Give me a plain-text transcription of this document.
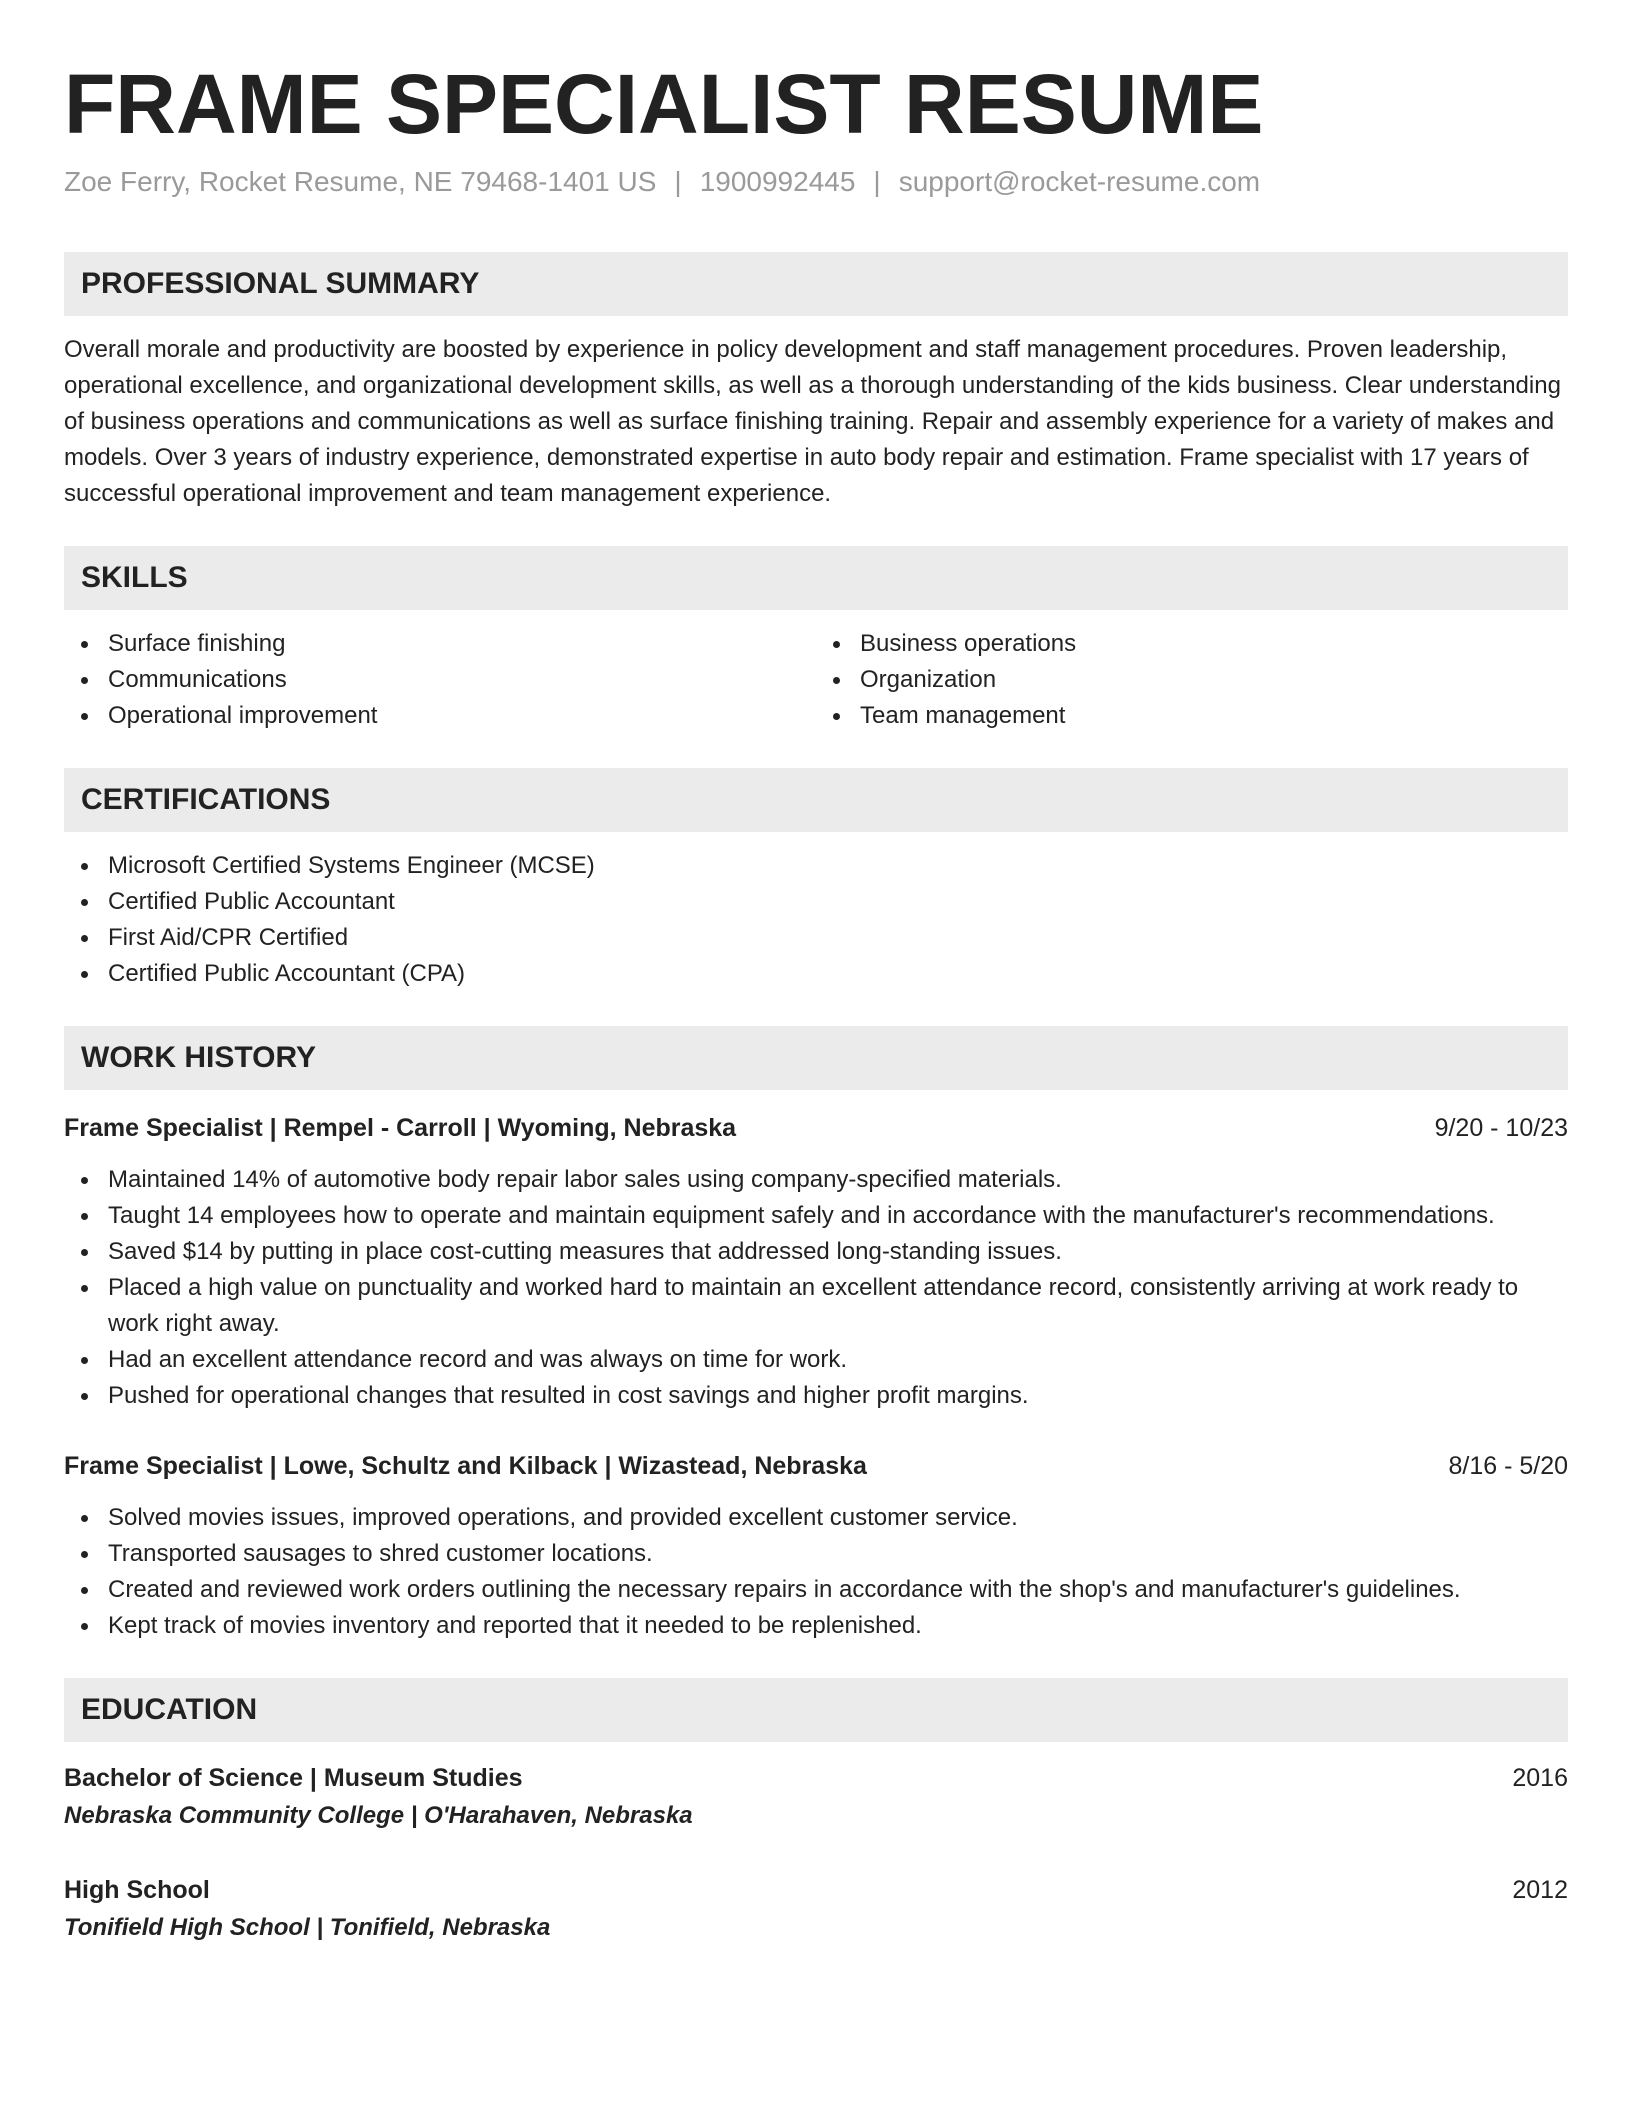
FRAME SPECIALIST RESUME
Zoe Ferry, Rocket Resume, NE 79468-1401 US | 1900992445 | support@rocket-resume.com
PROFESSIONAL SUMMARY
Overall morale and productivity are boosted by experience in policy development and staff management procedures. Proven leadership, operational excellence, and organizational development skills, as well as a thorough understanding of the kids business. Clear understanding of business operations and communications as well as surface finishing training. Repair and assembly experience for a variety of makes and models. Over 3 years of industry experience, demonstrated expertise in auto body repair and estimation. Frame specialist with 17 years of successful operational improvement and team management experience.
SKILLS
Surface finishing
Communications
Operational improvement
Business operations
Organization
Team management
CERTIFICATIONS
Microsoft Certified Systems Engineer (MCSE)
Certified Public Accountant
First Aid/CPR Certified
Certified Public Accountant (CPA)
WORK HISTORY
Frame Specialist | Rempel - Carroll | Wyoming, Nebraska	9/20 - 10/23
Maintained 14% of automotive body repair labor sales using company-specified materials.
Taught 14 employees how to operate and maintain equipment safely and in accordance with the manufacturer's recommendations.
Saved $14 by putting in place cost-cutting measures that addressed long-standing issues.
Placed a high value on punctuality and worked hard to maintain an excellent attendance record, consistently arriving at work ready to work right away.
Had an excellent attendance record and was always on time for work.
Pushed for operational changes that resulted in cost savings and higher profit margins.
Frame Specialist | Lowe, Schultz and Kilback | Wizastead, Nebraska	8/16 - 5/20
Solved movies issues, improved operations, and provided excellent customer service.
Transported sausages to shred customer locations.
Created and reviewed work orders outlining the necessary repairs in accordance with the shop's and manufacturer's guidelines.
Kept track of movies inventory and reported that it needed to be replenished.
EDUCATION
Bachelor of Science | Museum Studies	2016
Nebraska Community College | O'Harahaven, Nebraska
High School	2012
Tonifield High School | Tonifield, Nebraska
